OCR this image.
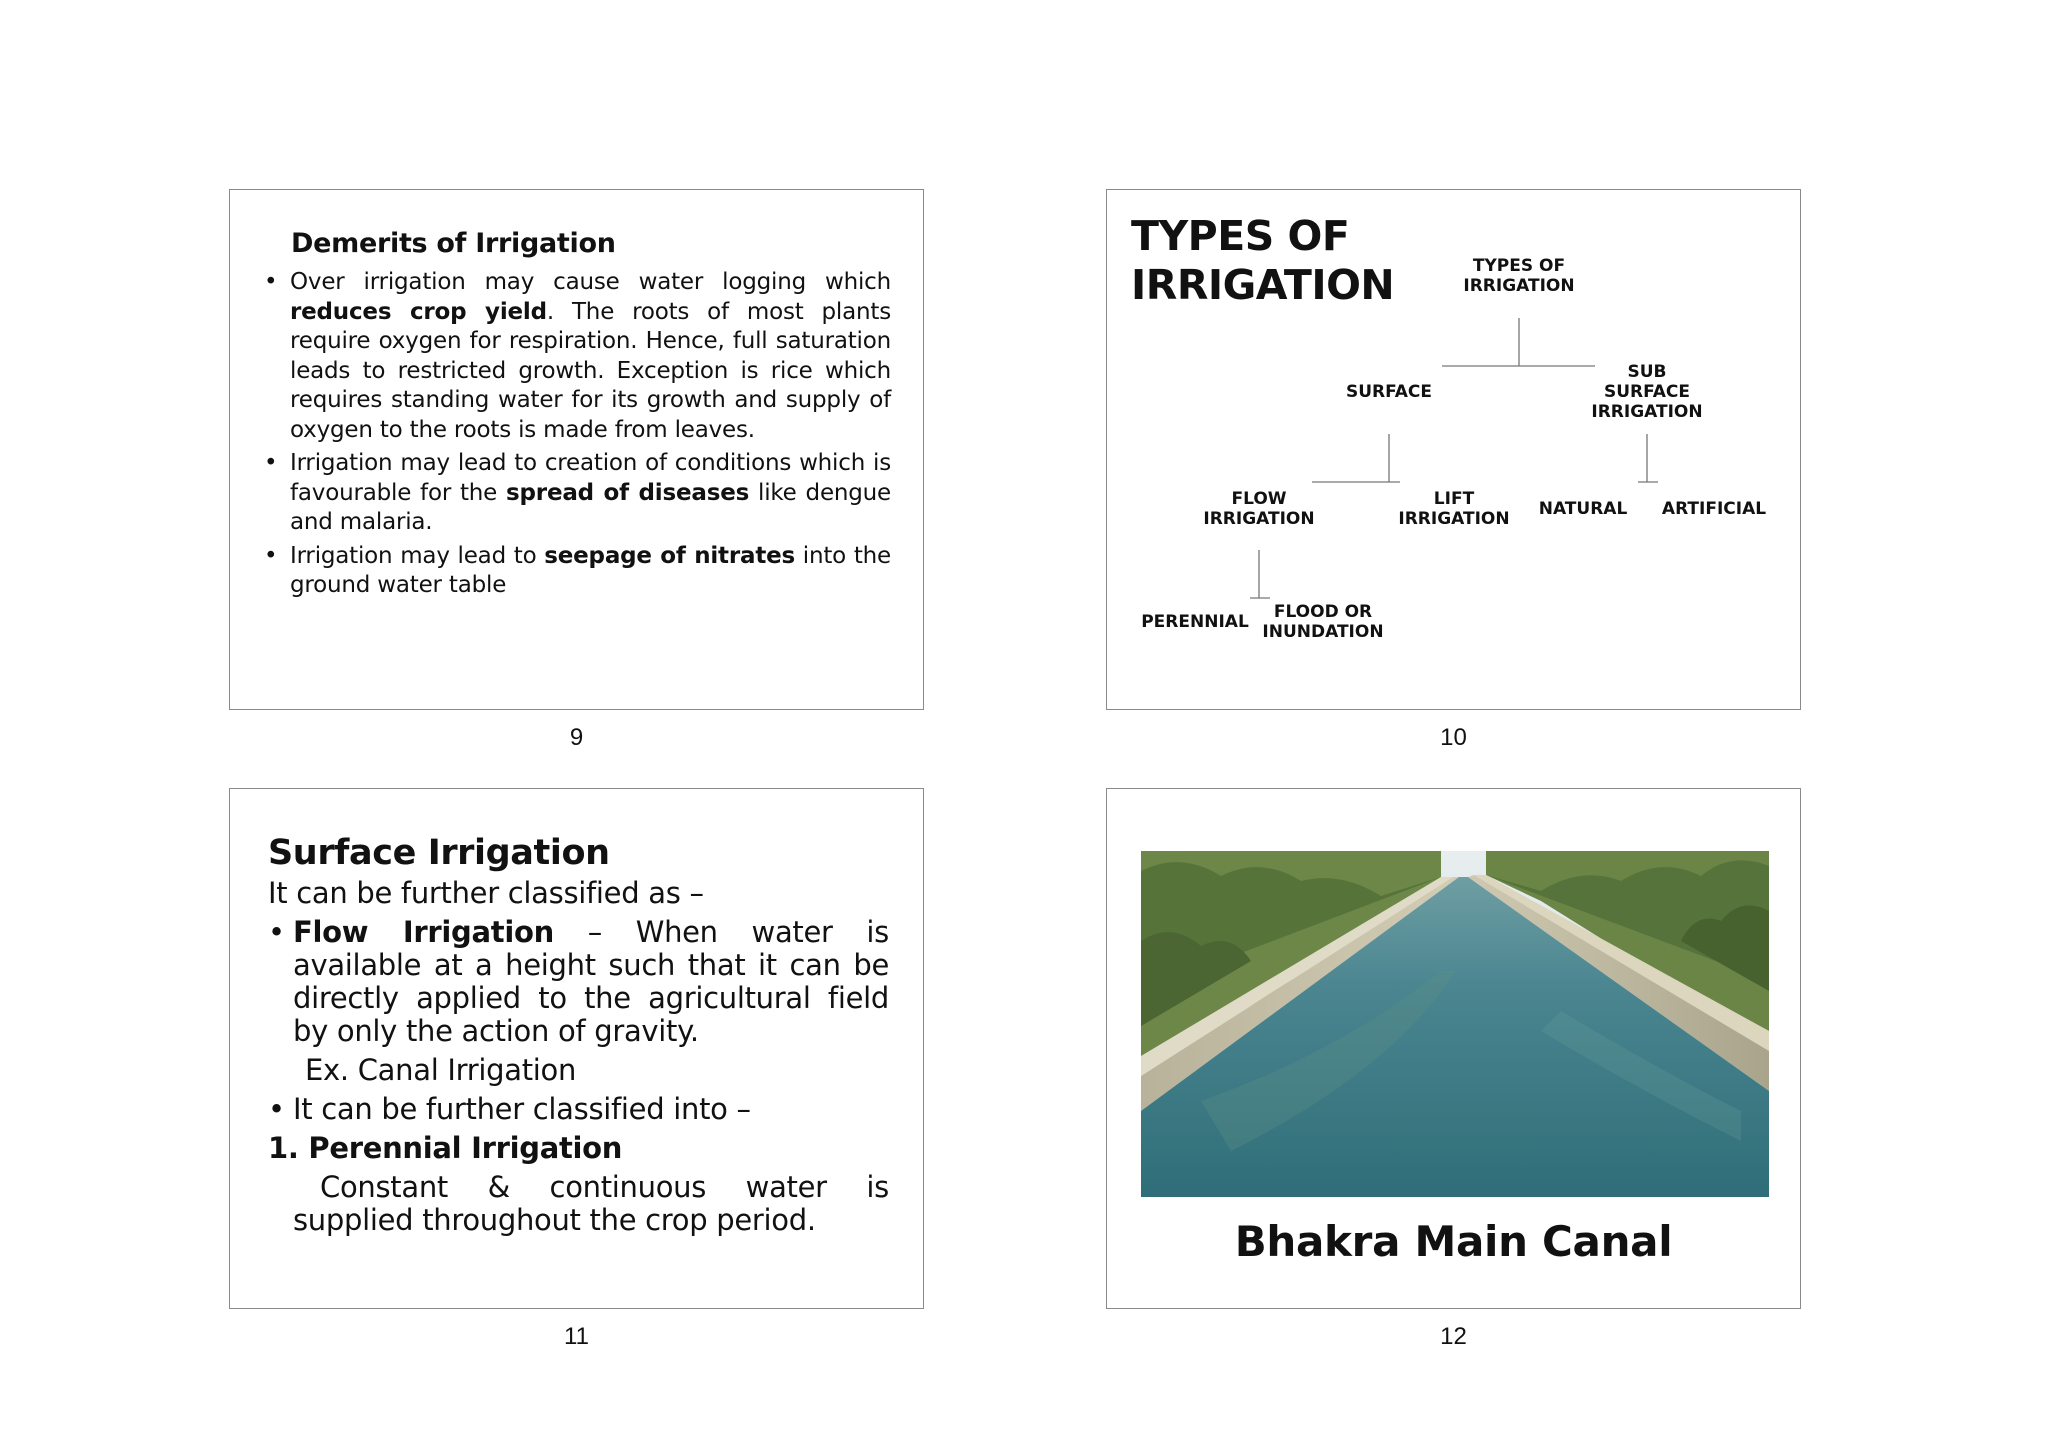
Demerits of Irrigation
• Over irrigation may cause water logging which reduces crop yield. The roots of most plants require oxygen for respiration. Hence, full saturation leads to restricted growth. Exception is rice which requires standing water for its growth and supply of oxygen to the roots is made from leaves.
• Irrigation may lead to creation of conditions which is favourable for the spread of diseases like dengue and malaria.
• Irrigation may lead to seepage of nitrates into the ground water table
9
TYPES OF
IRRIGATION	TYPES OF
IRRIGATION
SURFACE
SUB
SURFACE
IRRIGATION
FLOW
IRRIGATION
LIFT
IRRIGATION NATURAL ARTIFICIAL
PERENNIAL	FLOOD OR
INUNDATION
10
Surface Irrigation
It can be further classified as –
• Flow Irrigation – When water is available at a height such that it can be directly applied to the agricultural field by only the action of gravity.
Ex. Canal Irrigation
• It can be further classified into –
1. Perennial Irrigation
Constant & continuous water is supplied throughout the crop period.
11
Bhakra Main Canal
12
